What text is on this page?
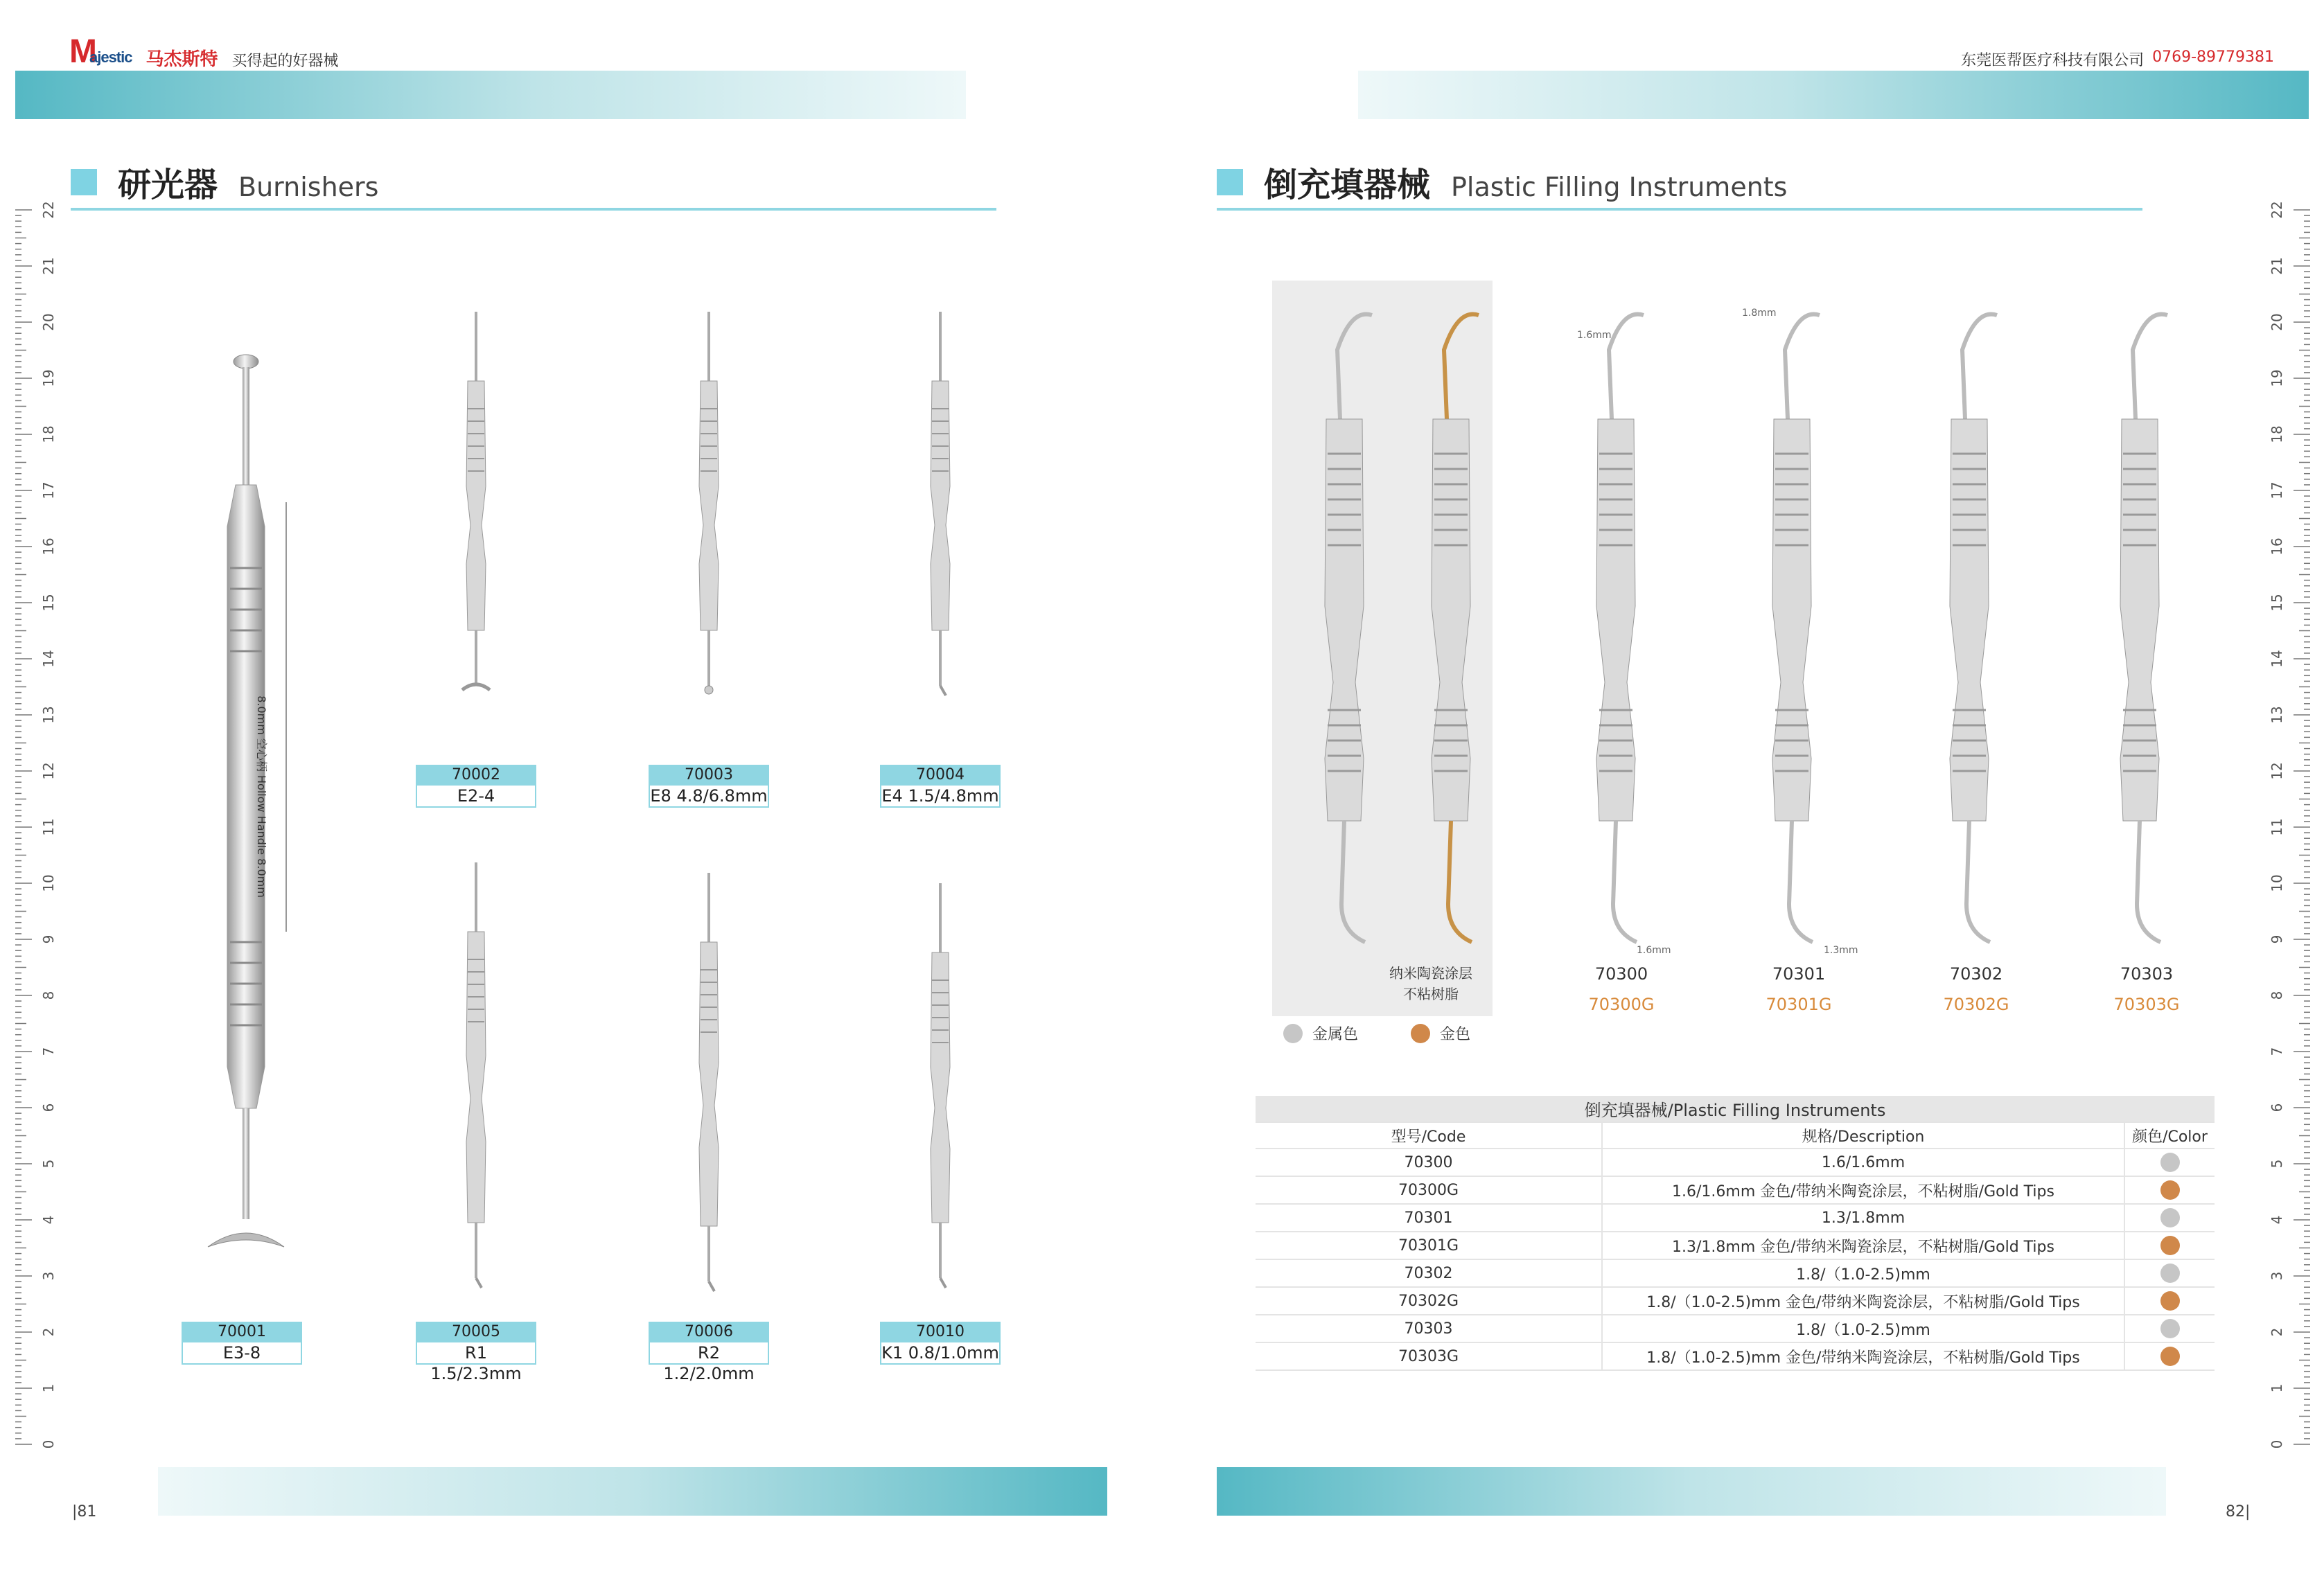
Majestic 马杰斯特 买得起的好器械	东莞医帮医疗科技有限公司 0769-89779381
0
1
2
3
4
5
6
7
8
9
10
11
12
13
14
15
16
17
18
19
20
21
22
0
1
2
3
4
5
6
7
8
9
10
11
12
13
14
15
16
17
18
19
20
21
22
研光器 Burnishers	倒充填器械 Plastic Filling Instruments
8.0mm 空心柄 Hollow Handle 8.0mm
70001
E3-8
70002
E2-4
70003
E8 4.8/6.8mm
70004
E4 1.5/4.8mm
70005
R1 1.5/2.3mm
70006
R2 1.2/2.0mm
70010
K1 0.8/1.0mm
纳米陶瓷涂层
不粘树脂
1.6mm
1.8mm
1.6mm	1.3mm
70300
70300G
70301
70301G
70302
70302G
70303
70303G
金属色	金色
倒充填器械/Plastic Filling Instruments		
型号/Code	规格/Description	颜色/Color
70300	1.6/1.6mm	
70300G	1.6/1.6mm 金色/带纳米陶瓷涂层，不粘树脂/Gold Tips	
70301	1.3/1.8mm	
70301G	1.3/1.8mm 金色/带纳米陶瓷涂层，不粘树脂/Gold Tips	
70302	1.8/（1.0-2.5)mm	
70302G	1.8/（1.0-2.5)mm 金色/带纳米陶瓷涂层，不粘树脂/Gold Tips	
70303	1.8/（1.0-2.5)mm	
70303G	1.8/（1.0-2.5)mm 金色/带纳米陶瓷涂层，不粘树脂/Gold Tips	
|81	82|
